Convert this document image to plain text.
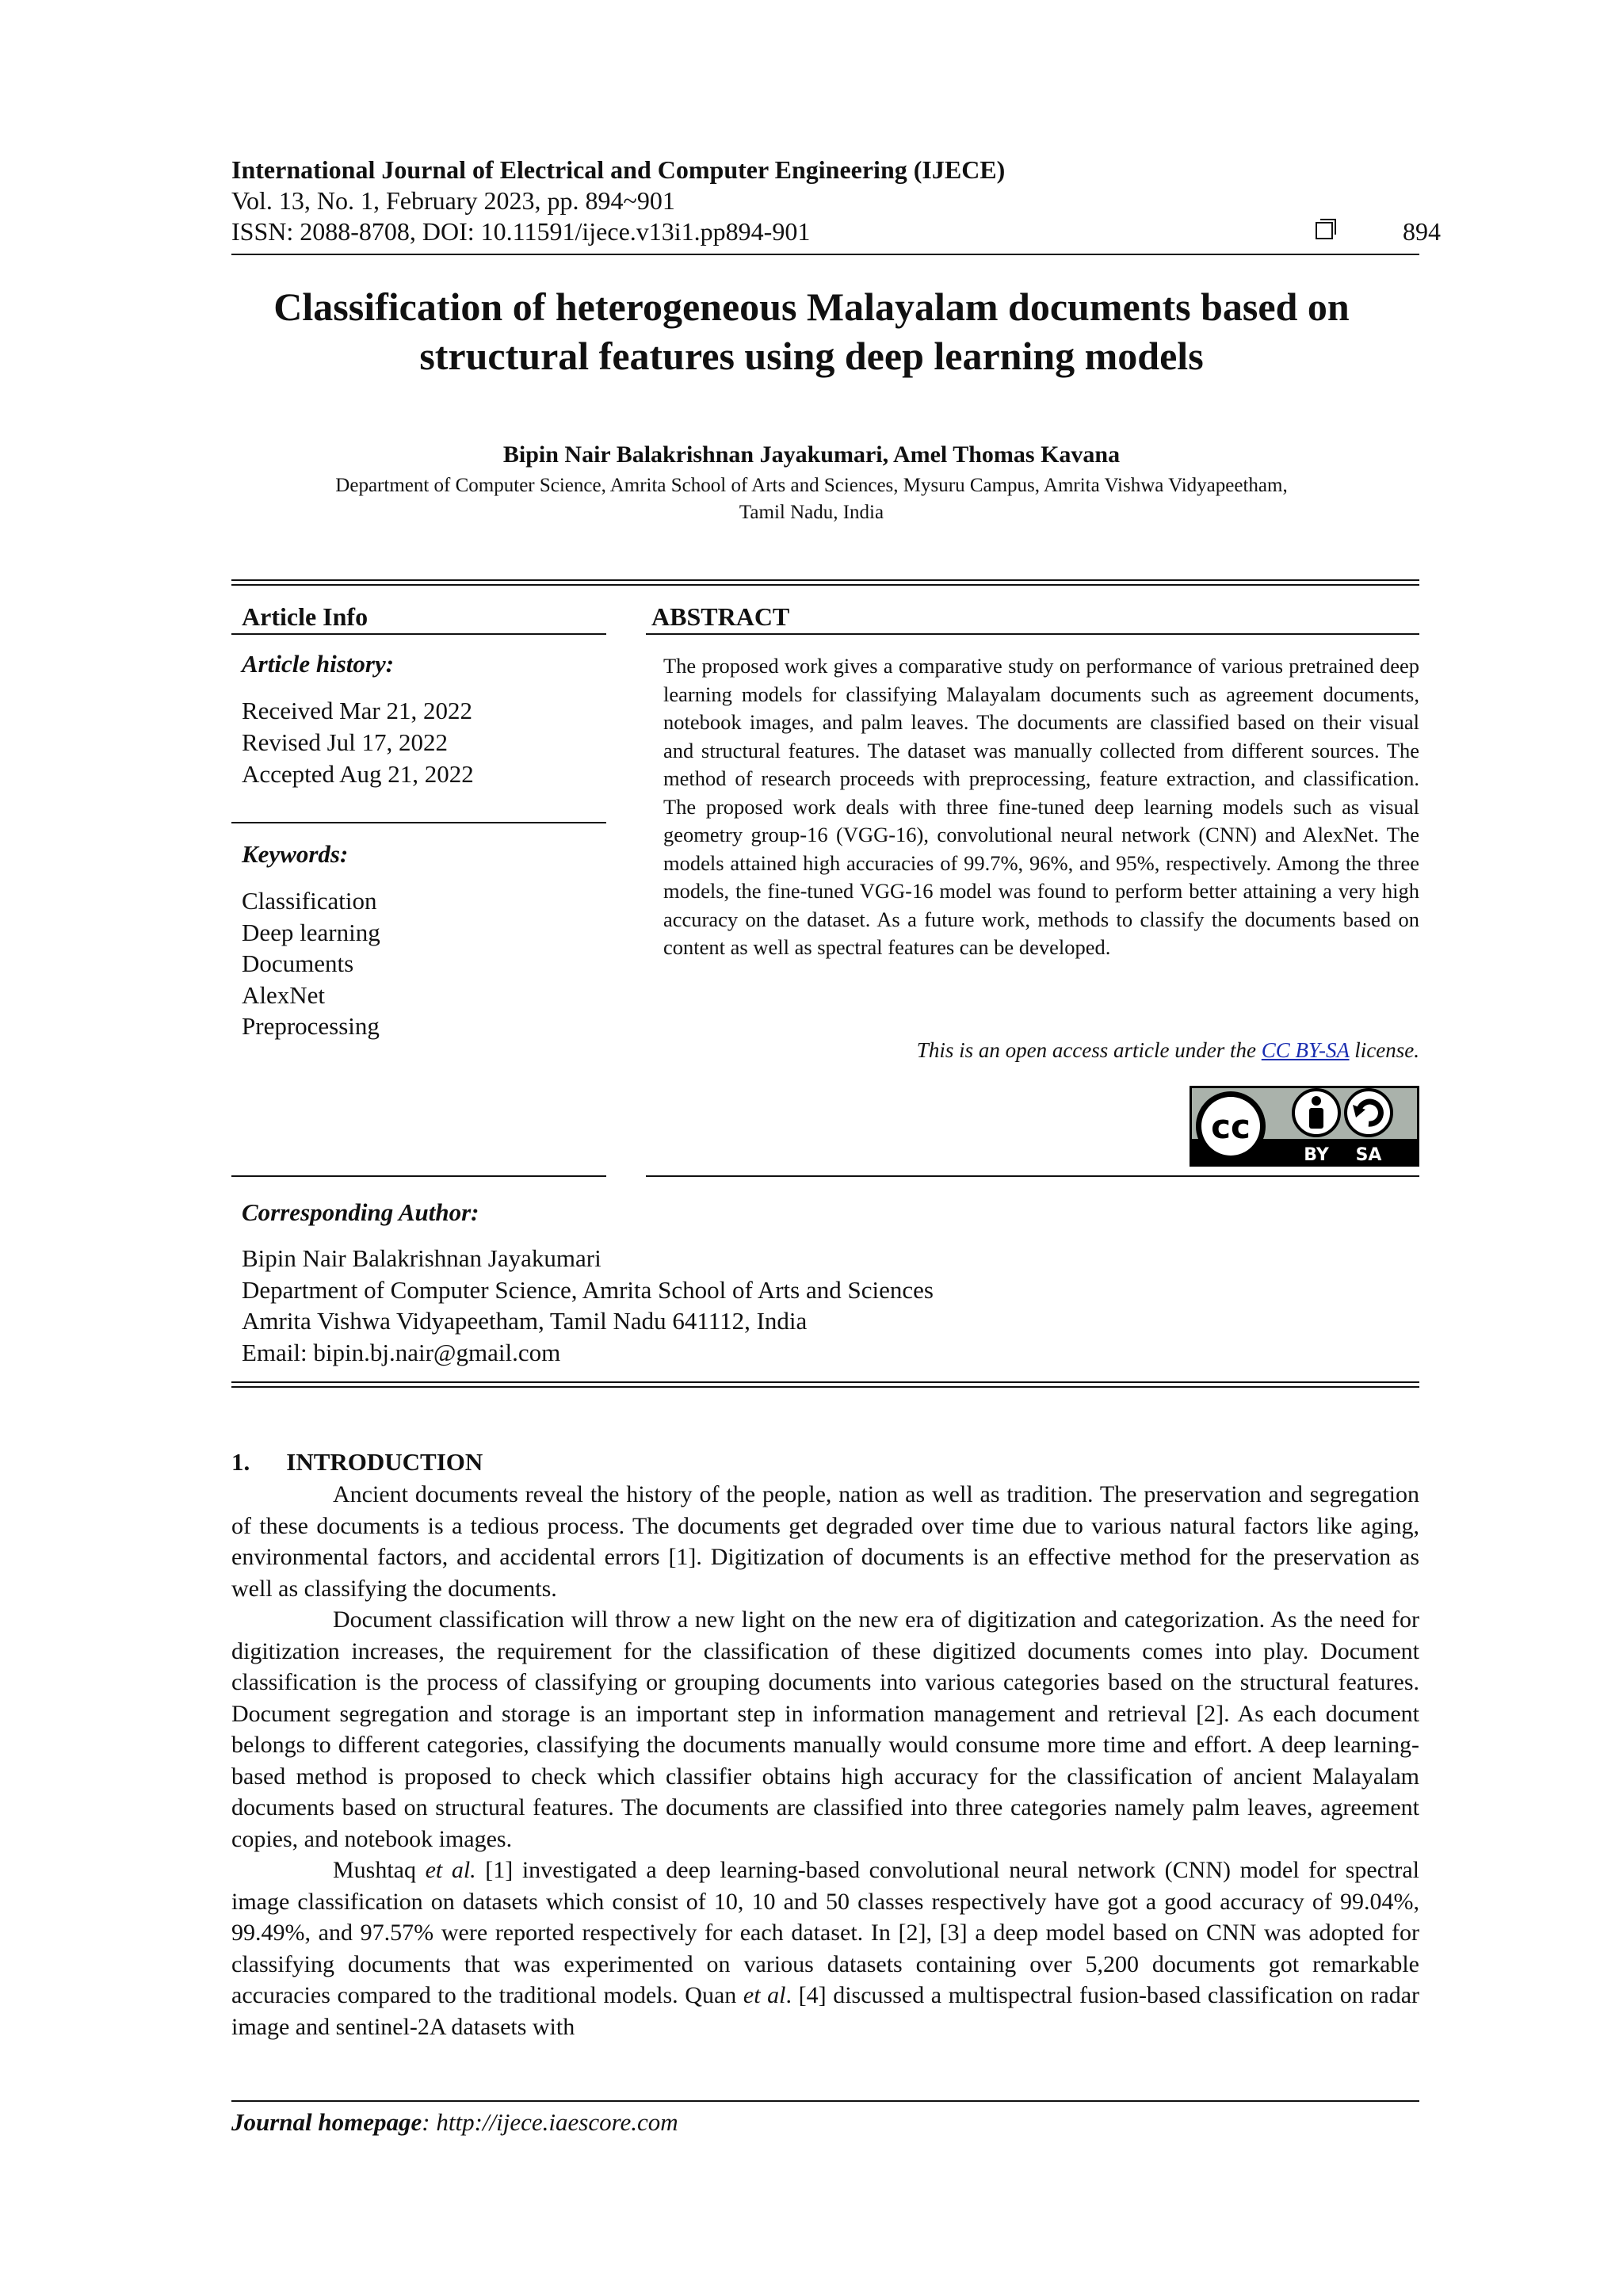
International Journal of Electrical and Computer Engineering (IJECE)
Vol. 13, No. 1, February 2023, pp. 894~901
ISSN: 2088-8708, DOI: 10.11591/ijece.v13i1.pp894-901	894
Classification of heterogeneous Malayalam documents based on
structural features using deep learning models
Bipin Nair Balakrishnan Jayakumari, Amel Thomas Kavana
Department of Computer Science, Amrita School of Arts and Sciences, Mysuru Campus, Amrita Vishwa Vidyapeetham,
Tamil Nadu, India
Article Info
Article history:
Received Mar 21, 2022
Revised Jul 17, 2022
Accepted Aug 21, 2022
Keywords:
Classification
Deep learning
Documents
AlexNet
Preprocessing
ABSTRACT
The proposed work gives a comparative study on performance of various pretrained deep learning models for classifying Malayalam documents such as agreement documents, notebook images, and palm leaves. The documents are classified based on their visual and structural features. The dataset was manually collected from different sources. The method of research proceeds with preprocessing, feature extraction, and classification. The proposed work deals with three fine-tuned deep learning models such as visual geometry group-16 (VGG-16), convolutional neural network (CNN) and AlexNet. The models attained high accuracies of 99.7%, 96%, and 95%, respectively. Among the three models, the fine-tuned VGG-16 model was found to perform better attaining a very high accuracy on the dataset. As a future work, methods to classify the documents based on content as well as spectral features can be developed.
This is an open access article under the CC BY-SA license.
cc
BY SA
Corresponding Author:
Bipin Nair Balakrishnan Jayakumari
Department of Computer Science, Amrita School of Arts and Sciences
Amrita Vishwa Vidyapeetham, Tamil Nadu 641112, India
Email: bipin.bj.nair@gmail.com
1. INTRODUCTION

Ancient documents reveal the history of the people, nation as well as tradition. The preservation and segregation of these documents is a tedious process. The documents get degraded over time due to various natural factors like aging, environmental factors, and accidental errors [1]. Digitization of documents is an effective method for the preservation as well as classifying the documents.

Document classification will throw a new light on the new era of digitization and categorization. As the need for digitization increases, the requirement for the classification of these digitized documents comes into play. Document classification is the process of classifying or grouping documents into various categories based on the structural features. Document segregation and storage is an important step in information management and retrieval [2]. As each document belongs to different categories, classifying the documents manually would consume more time and effort. A deep learning-based method is proposed to check which classifier obtains high accuracy for the classification of ancient Malayalam documents based on structural features. The documents are classified into three categories namely palm leaves, agreement copies, and notebook images.

Mushtaq et al. [1] investigated a deep learning-based convolutional neural network (CNN) model for spectral image classification on datasets which consist of 10, 10 and 50 classes respectively have got a good accuracy of 99.04%, 99.49%, and 97.57% were reported respectively for each dataset. In [2], [3] a deep model based on CNN was adopted for classifying documents that was experimented on various datasets containing over 5,200 documents got remarkable accuracies compared to the traditional models. Quan et al. [4] discussed a multispectral fusion-based classification on radar image and sentinel-2A datasets with

Journal homepage: http://ijece.iaescore.com
